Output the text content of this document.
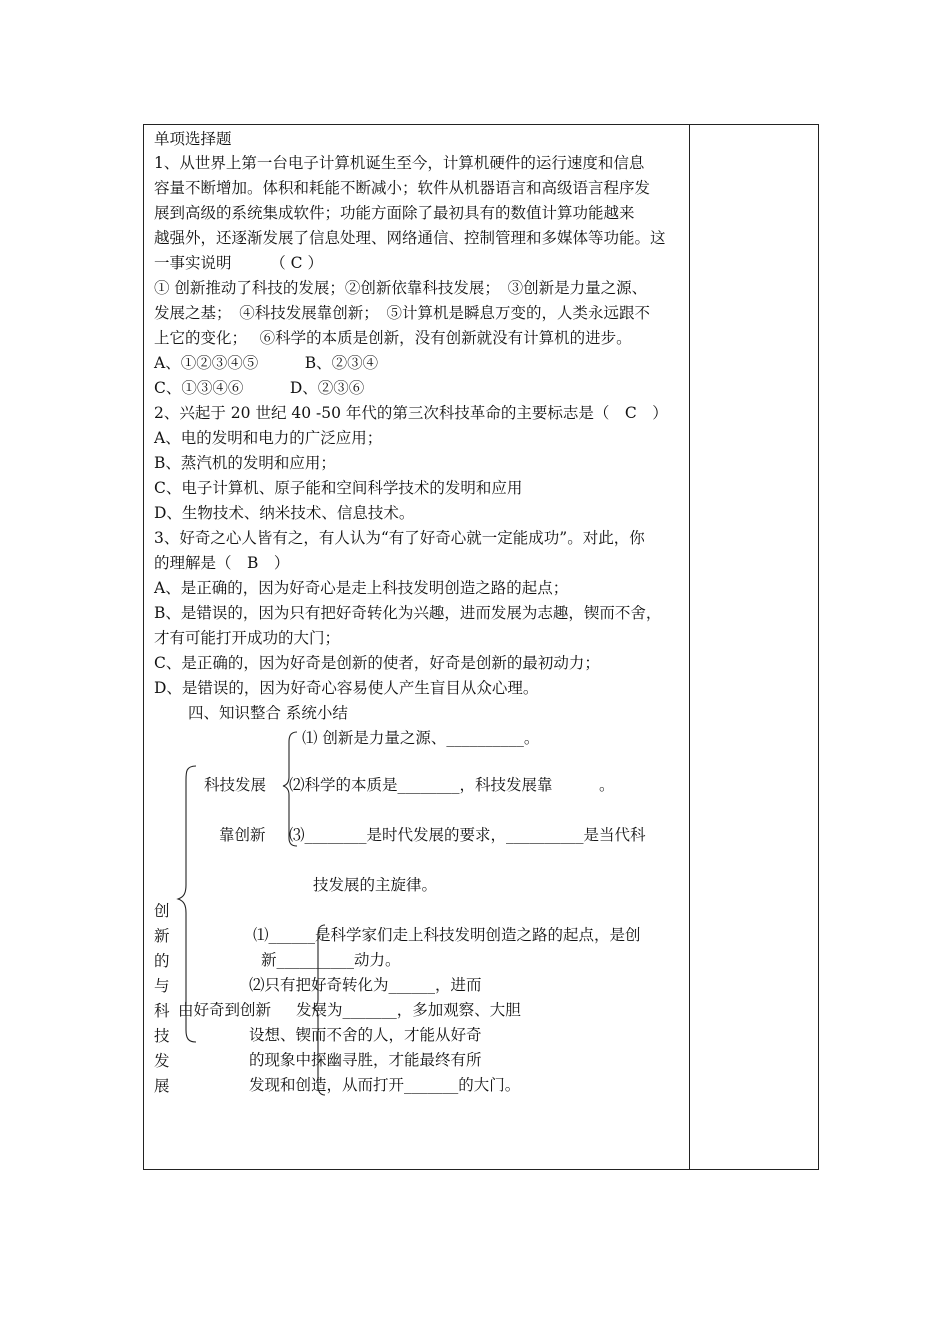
单项选择题
1、从世界上第一台电子计算机诞生至今，计算机硬件的运行速度和信息
容量不断增加。体积和耗能不断减小；软件从机器语言和高级语言程序发
展到高级的系统集成软件；功能方面除了最初具有的数值计算功能越来
越强外，还逐渐发展了信息处理、网络通信、控制管理和多媒体等功能。这
一事实说明　　　（ C ）
① 创新推动了科技的发展；②创新依靠科技发展；　③创新是力量之源、
发展之基；　④科技发展靠创新；　⑤计算机是瞬息万变的，人类永远跟不
上它的变化；　 ⑥科学的本质是创新，没有创新就没有计算机的进步。
A、①②③④⑤　　　B、②③④
C、①③④⑥　　　D、②③⑥
2、兴起于 20 世纪 40 -50 年代的第三次科技革命的主要标志是（　C　）
A、电的发明和电力的广泛应用；
B、蒸汽机的发明和应用；
C、电子计算机、原子能和空间科学技术的发明和应用
D、生物技术、纳米技术、信息技术。
3、好奇之心人皆有之，有人认为“有了好奇心就一定能成功”。对此，你
的理解是（　B　）
A、是正确的，因为好奇心是走上科技发明创造之路的起点；
B、是错误的，因为只有把好奇转化为兴趣，进而发展为志趣，锲而不舍，
才有可能打开成功的大门；
C、是正确的，因为好奇是创新的使者，好奇是创新的最初动力；
D、是错误的，因为好奇心容易使人产生盲目从众心理。
四、知识整合 系统小结
⑴ 创新是力量之源、__________。
科技发展 ⑵科学的本质是________，科技发展靠　　　。
靠创新 ⑶________是时代发展的要求，__________是当代科
技发展的主旋律。
⑴______是科学家们走上科技发明创造之路的起点，是创
新__________动力。
⑵只有把好奇转化为______，进而
由好奇到创新 发展为_______，多加观察、大胆
设想、锲而不舍的人，才能从好奇
的现象中探幽寻胜，才能最终有所
发现和创造，从而打开_______的大门。
创
新
的
与
科
技
发
展
